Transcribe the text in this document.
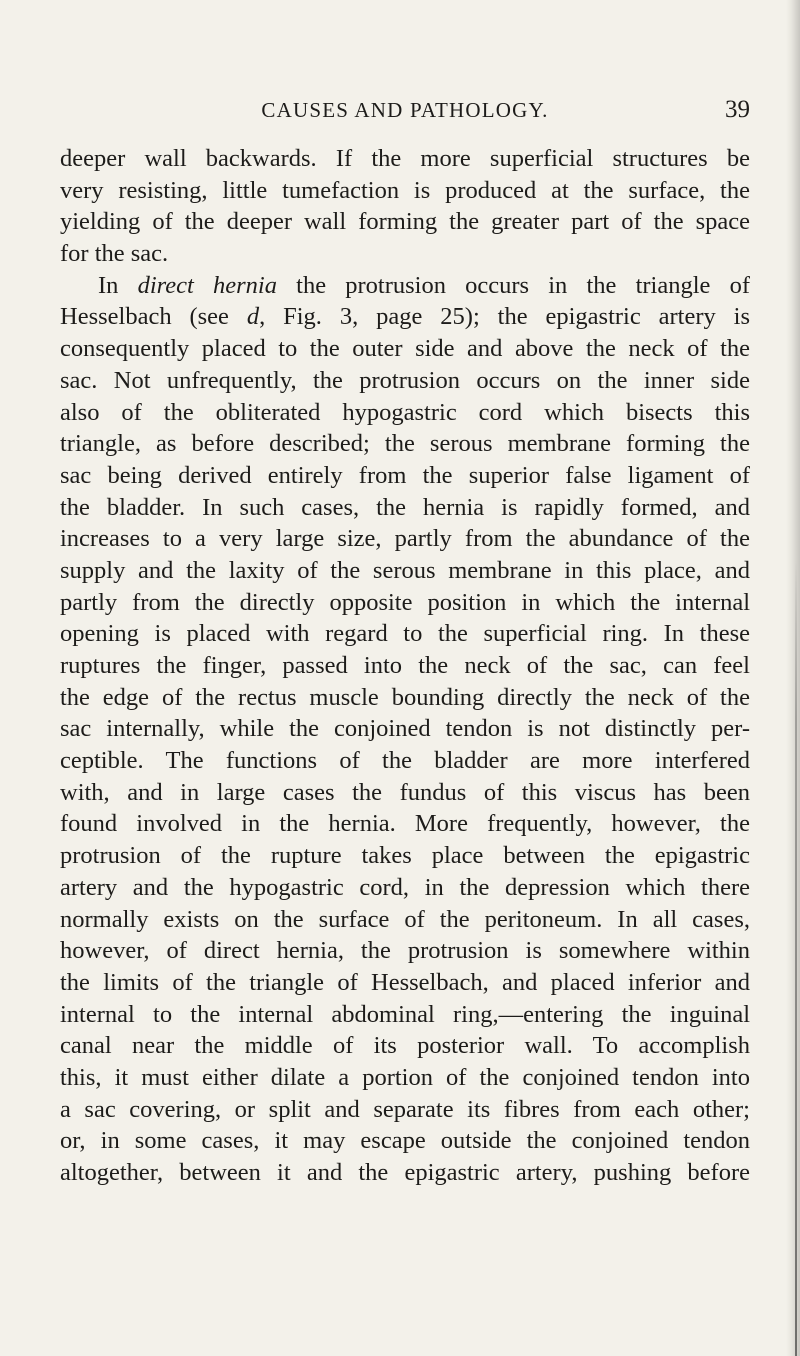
CAUSES AND PATHOLOGY.	39
deeper wall backwards. If the more superficial structures be
very resisting, little tumefaction is produced at the surface, the
yielding of the deeper wall forming the greater part of the space
for the sac.
In direct hernia the protrusion occurs in the triangle of
Hesselbach (see d, Fig. 3, page 25); the epigastric artery is
consequently placed to the outer side and above the neck of the
sac. Not unfrequently, the protrusion occurs on the inner side
also of the obliterated hypogastric cord which bisects this
triangle, as before described; the serous membrane forming the
sac being derived entirely from the superior false ligament of
the bladder. In such cases, the hernia is rapidly formed, and
increases to a very large size, partly from the abundance of the
supply and the laxity of the serous membrane in this place, and
partly from the directly opposite position in which the internal
opening is placed with regard to the superficial ring. In these
ruptures the finger, passed into the neck of the sac, can feel
the edge of the rectus muscle bounding directly the neck of the
sac internally, while the conjoined tendon is not distinctly per-
ceptible. The functions of the bladder are more interfered
with, and in large cases the fundus of this viscus has been
found involved in the hernia. More frequently, however, the
protrusion of the rupture takes place between the epigastric
artery and the hypogastric cord, in the depression which there
normally exists on the surface of the peritoneum. In all cases,
however, of direct hernia, the protrusion is somewhere within
the limits of the triangle of Hesselbach, and placed inferior and
internal to the internal abdominal ring,—entering the inguinal
canal near the middle of its posterior wall. To accomplish
this, it must either dilate a portion of the conjoined tendon into
a sac covering, or split and separate its fibres from each other;
or, in some cases, it may escape outside the conjoined tendon
altogether, between it and the epigastric artery, pushing before
